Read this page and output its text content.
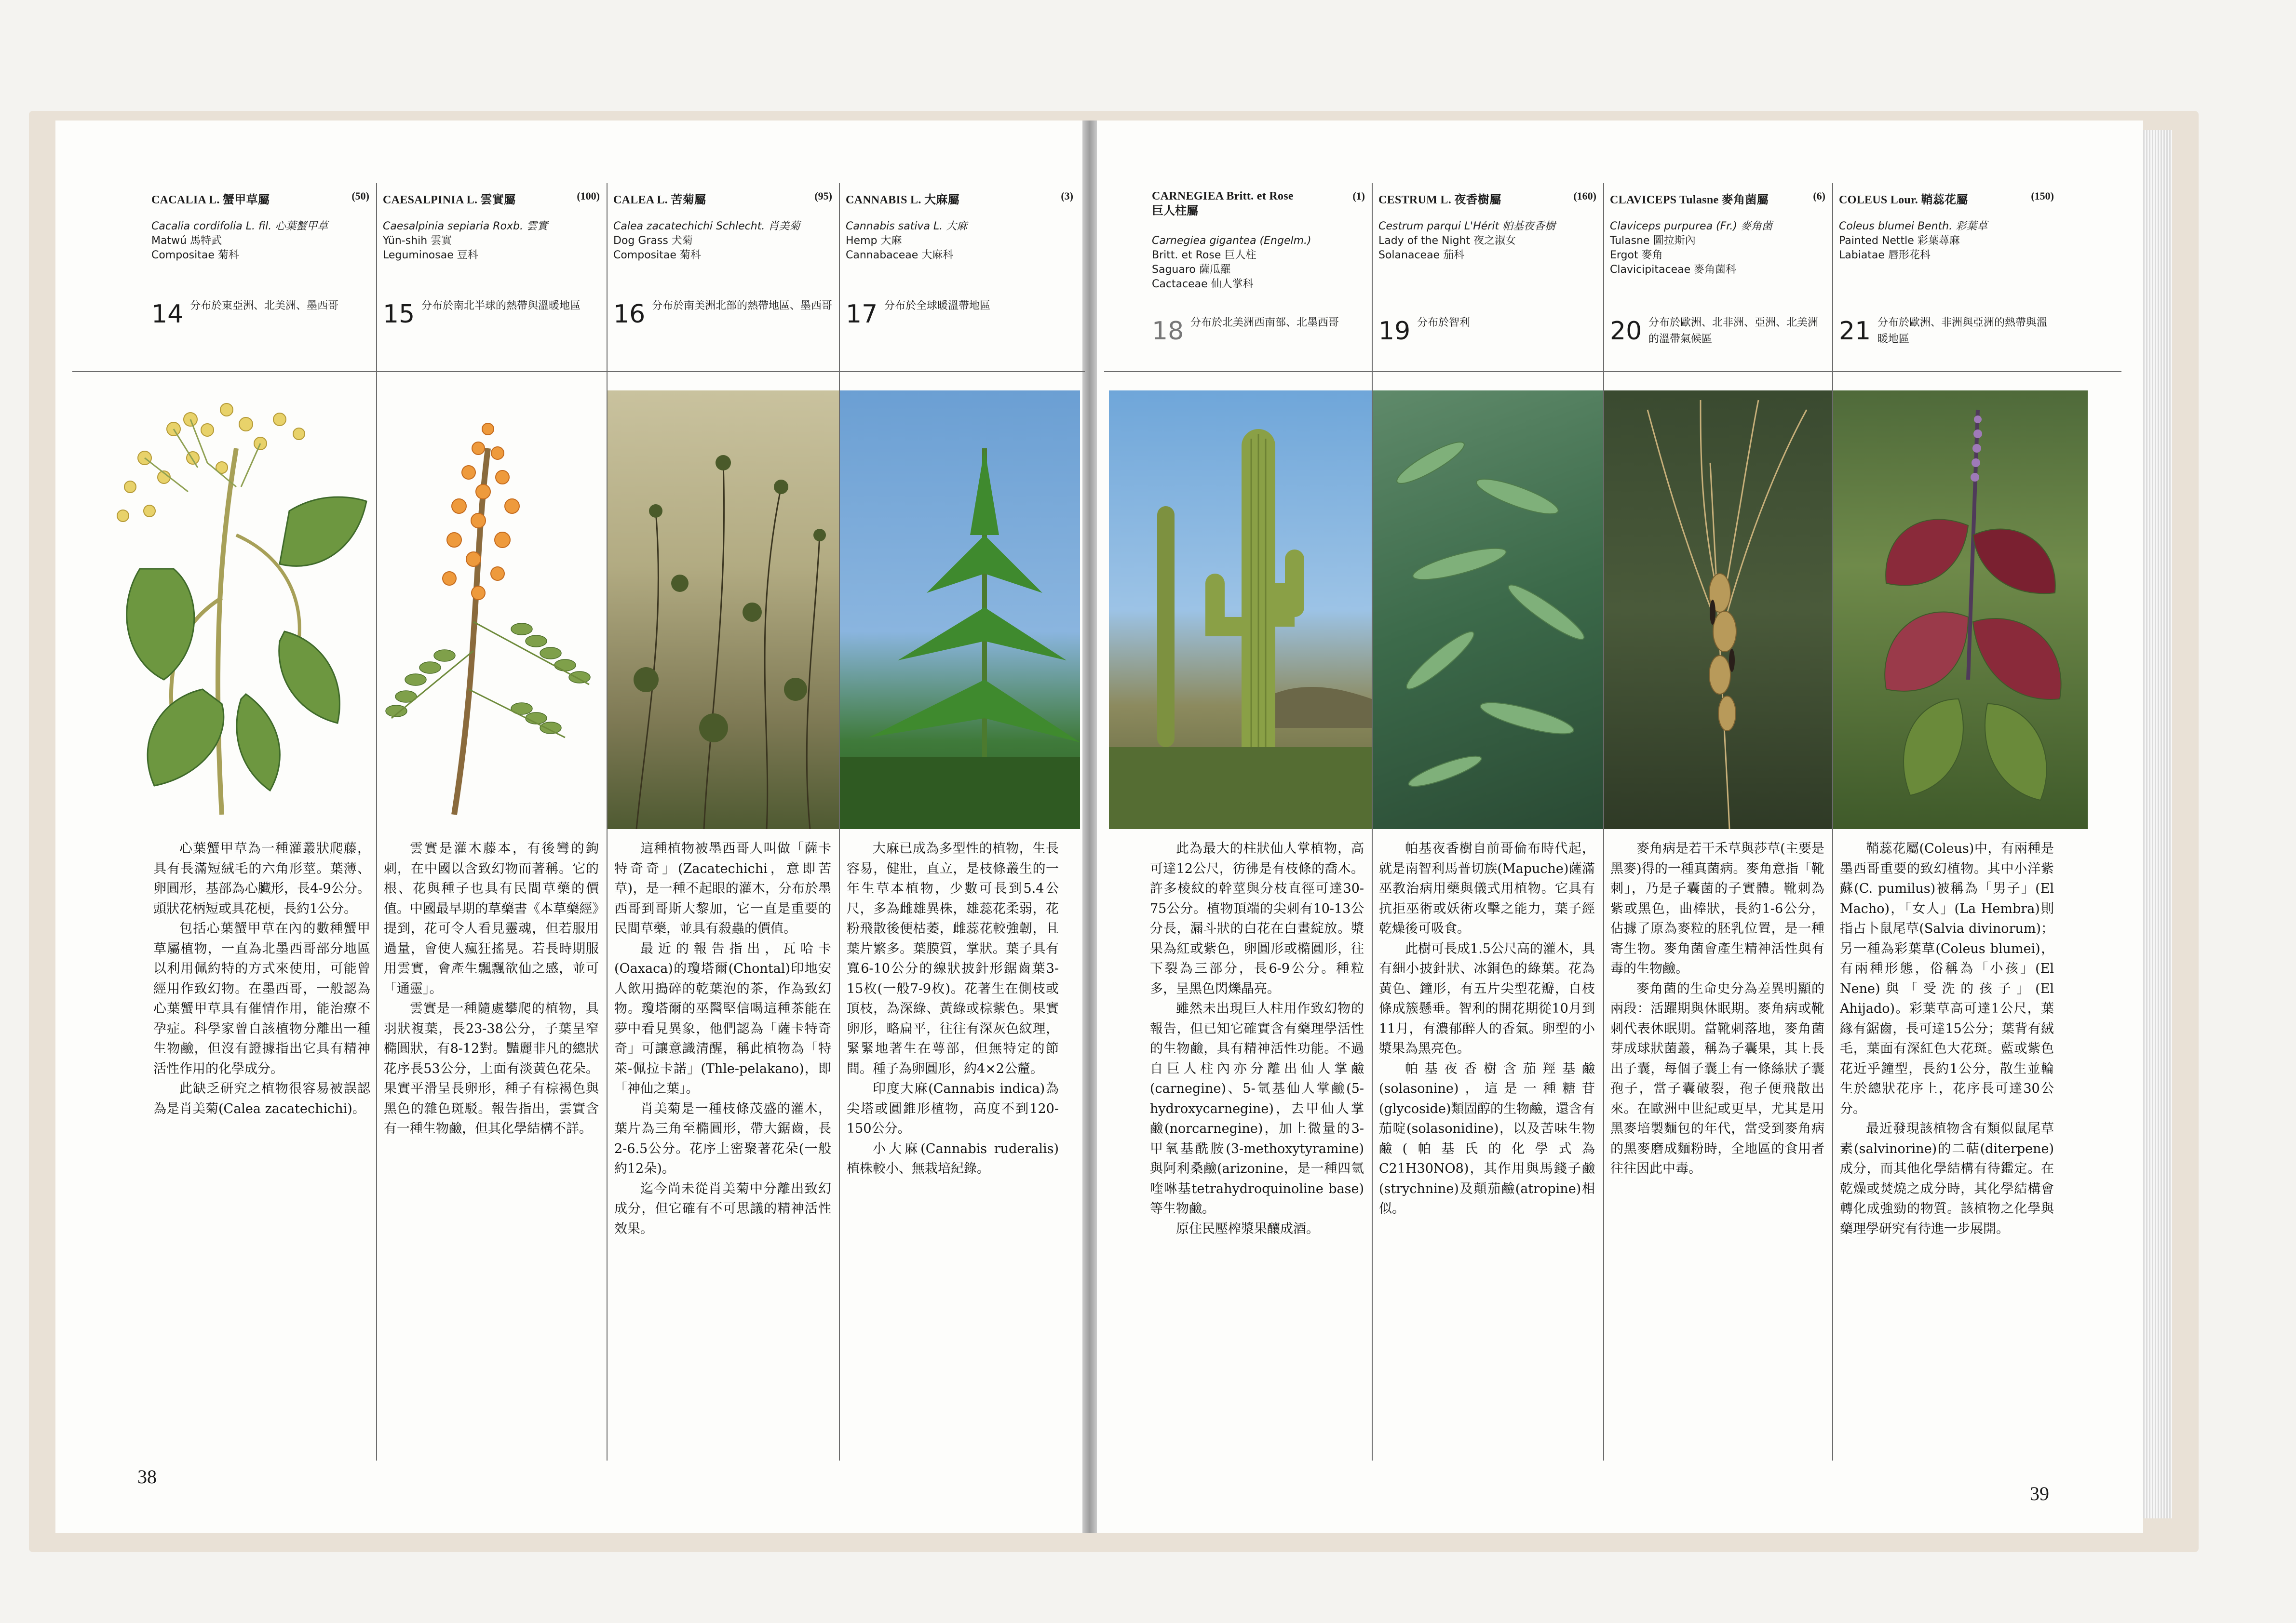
CACALIA L. 蟹甲草屬	(50)
Cacalia cordifolia L. fil. 心葉蟹甲草
Matwú 馬特武
Compositae 菊科
14 分布於東亞洲、北美洲、墨西哥
CAESALPINIA L. 雲實屬	(100)
Caesalpinia sepiaria Roxb. 雲實
Yün-shih 雲實
Leguminosae 豆科
15 分布於南北半球的熱帶與溫暖地區
CALEA L. 苦菊屬	(95)
Calea zacatechichi Schlecht. 肖美菊
Dog Grass 犬菊
Compositae 菊科
16 分布於南美洲北部的熱帶地區、墨西哥
CANNABIS L. 大麻屬	(3)
Cannabis sativa L. 大麻
Hemp 大麻
Cannabaceae 大麻科
17 分布於全球暖溫帶地區
CARNEGIEA Britt. et Rose	(1)
巨人柱屬
Carnegiea gigantea (Engelm.)
Britt. et Rose 巨人柱
Saguaro 薩瓜羅
Cactaceae 仙人掌科
18 分布於北美洲西南部、北墨西哥
CESTRUM L. 夜香樹屬	(160)
Cestrum parqui L'Hérit 帕基夜香樹
Lady of the Night 夜之淑女
Solanaceae 茄科
19 分布於智利
CLAVICEPS Tulasne 麥角菌屬	(6)
Claviceps purpurea (Fr.) 麥角菌
Tulasne 圖拉斯內
Ergot 麥角
Clavicipitaceae 麥角菌科
20 分布於歐洲、北非洲、亞洲、北美洲的溫帶氣候區
COLEUS Lour. 鞘蕊花屬	(150)
Coleus blumei Benth. 彩葉草
Painted Nettle 彩葉蕁麻
Labiatae 唇形花科
21 分布於歐洲、非洲與亞洲的熱帶與溫暖地區

心葉蟹甲草為一種灌叢狀爬藤，具有長滿短絨毛的六角形莖。葉薄、卵圓形，基部為心臟形，長4-9公分。頭狀花柄短或具花梗，長約1公分。

包括心葉蟹甲草在內的數種蟹甲草屬植物，一直為北墨西哥部分地區以利用佩約特的方式來使用，可能曾經用作致幻物。在墨西哥，一般認為心葉蟹甲草具有催情作用，能治療不孕症。科學家曾自該植物分離出一種生物鹼，但沒有證據指出它具有精神活性作用的化學成分。

此缺乏研究之植物很容易被誤認為是肖美菊(Calea zacatechichi)。

雲實是灌木藤本，有後彎的鉤刺，在中國以含致幻物而著稱。它的根、花與種子也具有民間草藥的價值。中國最早期的草藥書《本草藥經》提到，花可令人看見靈魂，但若服用過量，會使人瘋狂搖晃。若長時期服用雲實，會產生飄飄欲仙之感，並可「通靈」。

雲實是一種隨處攀爬的植物，具羽狀複葉，長23-38公分，子葉呈窄橢圓狀，有8-12對。豔麗非凡的總狀花序長53公分，上面有淡黃色花朵。果實平滑呈長卵形，種子有棕褐色與黑色的雜色斑駁。報告指出，雲實含有一種生物鹼，但其化學結構不詳。

這種植物被墨西哥人叫做「薩卡特奇奇」(Zacatechichi，意即苦草)，是一種不起眼的灌木，分布於墨西哥到哥斯大黎加，它一直是重要的民間草藥，並具有殺蟲的價值。

最近的報告指出，瓦哈卡(Oaxaca)的瓊塔爾(Chontal)印地安人飲用搗碎的乾葉泡的茶，作為致幻物。瓊塔爾的巫醫堅信喝這種茶能在夢中看見異象，他們認為「薩卡特奇奇」可讓意識清醒，稱此植物為「特萊-佩拉卡諾」(Thle-pelakano)，即「神仙之葉」。

肖美菊是一種枝條茂盛的灌木，葉片為三角至橢圓形，帶大鋸齒，長2-6.5公分。花序上密聚著花朵(一般約12朵)。

迄今尚未從肖美菊中分離出致幻成分，但它確有不可思議的精神活性效果。

大麻已成為多型性的植物，生長容易，健壯，直立，是枝條叢生的一年生草本植物，少數可長到5.4公尺，多為雌雄異株，雄蕊花柔弱，花粉飛散後便枯萎，雌蕊花較強韌，且葉片繁多。葉膜質，掌狀。葉子具有寬6-10公分的線狀披針形鋸齒葉3-15枚(一般7-9枚)。花著生在側枝或頂枝，為深綠、黃綠或棕紫色。果實卵形，略扁平，往往有深灰色紋理，緊緊地著生在萼部，但無特定的節間。種子為卵圓形，約4×2公釐。

印度大麻(Cannabis indica)為尖塔或圓錐形植物，高度不到120-150公分。

小大麻(Cannabis ruderalis)植株較小、無栽培紀錄。

此為最大的柱狀仙人掌植物，高可達12公尺，彷彿是有枝條的喬木。許多棱紋的幹莖與分枝直徑可達30-75公分。植物頂端的尖刺有10-13公分長，漏斗狀的白花在白畫綻放。漿果為紅或紫色，卵圓形或橢圓形，往下裂為三部分，長6-9公分。種粒多，呈黑色閃爍晶亮。

雖然未出現巨人柱用作致幻物的報告，但已知它確實含有藥理學活性的生物鹼，具有精神活性功能。不過自巨人柱內亦分離出仙人掌鹼(carnegine)、5-氫基仙人掌鹼(5-hydroxycarnegine)，去甲仙人掌鹼(norcarnegine)，加上微量的3-甲氧基酰胺(3-methoxytyramine)與阿利桑鹼(arizonine，是一種四氫喹啉基tetrahydroquinoline base)等生物鹼。

原住民壓榨漿果釀成酒。

帕基夜香樹自前哥倫布時代起，就是南智利馬普切族(Mapuche)薩滿巫教治病用藥與儀式用植物。它具有抗拒巫術或妖術攻擊之能力，葉子經乾燥後可吸食。

此樹可長成1.5公尺高的灌木，具有細小披針狀、冰銅色的綠葉。花為黃色、鐘形，有五片尖型花瓣，自枝條成簇懸垂。智利的開花期從10月到11月，有濃郁醉人的香氣。卵型的小漿果為黑亮色。

帕基夜香樹含茄羥基鹼(solasonine)，這是一種糖苷(glycoside)類固醇的生物鹼，還含有茄啶(solasonidine)，以及苦味生物鹼(帕基氏的化學式為C21H30NO8)，其作用與馬錢子鹼(strychnine)及顛茄鹼(atropine)相似。

麥角病是若干禾草與莎草(主要是黑麥)得的一種真菌病。麥角意指「靴刺」，乃是子囊菌的子實體。靴刺為紫或黑色，曲棒狀，長約1-6公分，佔據了原為麥粒的胚乳位置，是一種寄生物。麥角菌會產生精神活性與有毒的生物鹼。

麥角菌的生命史分為差異明顯的兩段：活躍期與休眠期。麥角病或靴刺代表休眠期。當靴刺落地，麥角菌芽成球狀菌叢，稱為子囊果，其上長出子囊，每個子囊上有一條絲狀子囊孢子，當子囊破裂，孢子便飛散出來。在歐洲中世紀或更早，尤其是用黑麥培製麵包的年代，當受到麥角病的黑麥磨成麵粉時，全地區的食用者往往因此中毒。

鞘蕊花屬(Coleus)中，有兩種是墨西哥重要的致幻植物。其中小洋紫蘇(C. pumilus)被稱為「男子」(El Macho)，「女人」(La Hembra)則指占卜鼠尾草(Salvia divinorum)；另一種為彩葉草(Coleus blumei)，有兩種形態，俗稱為「小孩」(El Nene)與「受洗的孩子」(El Ahijado)。彩葉草高可達1公尺，葉緣有鋸齒，長可達15公分；葉背有絨毛，葉面有深紅色大花斑。藍或紫色花近乎鐘型，長約1公分，散生並輪生於總狀花序上，花序長可達30公分。

最近發現該植物含有類似鼠尾草素(salvinorine)的二萜(diterpene)成分，而其他化學結構有待鑑定。在乾燥或焚燒之成分時，其化學結構會轉化成強勁的物質。該植物之化學與藥理學研究有待進一步展開。

38
39
